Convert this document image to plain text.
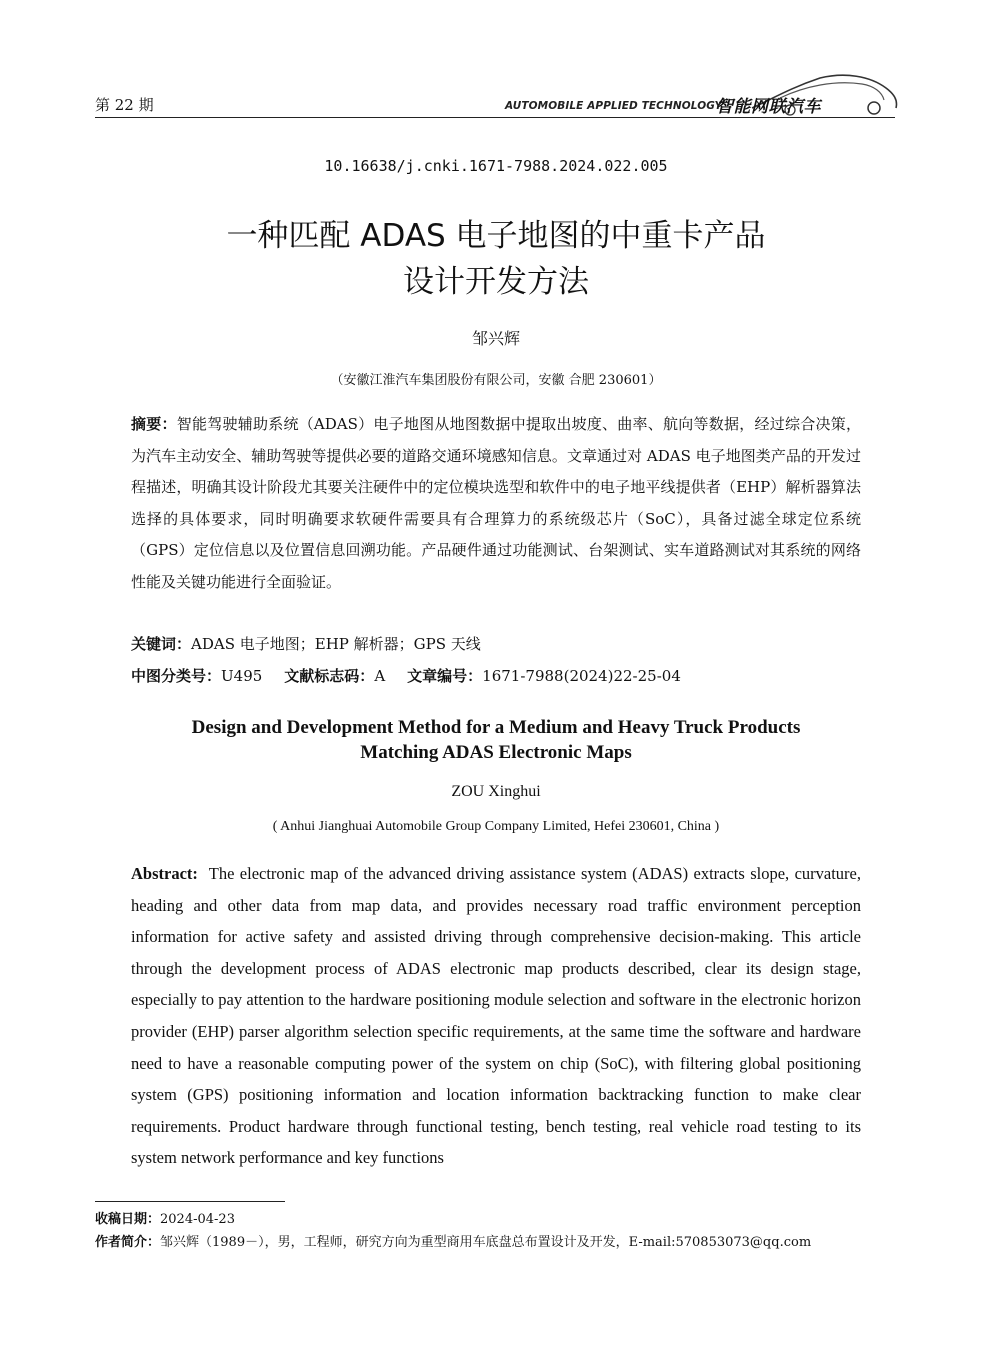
第 22 期	AUTOMOBILE APPLIED TECHNOLOGY
智能网联汽车
10.16638/j.cnki.1671-7988.2024.022.005
一种匹配 ADAS 电子地图的中重卡产品
设计开发方法
邹兴辉
（安徽江淮汽车集团股份有限公司，安徽 合肥 230601）
摘要：智能驾驶辅助系统（ADAS）电子地图从地图数据中提取出坡度、曲率、航向等数据，经过综合决策，为汽车主动安全、辅助驾驶等提供必要的道路交通环境感知信息。文章通过对 ADAS 电子地图类产品的开发过程描述，明确其设计阶段尤其要关注硬件中的定位模块选型和软件中的电子地平线提供者（EHP）解析器算法选择的具体要求，同时明确要求软硬件需要具有合理算力的系统级芯片（SoC），具备过滤全球定位系统（GPS）定位信息以及位置信息回溯功能。产品硬件通过功能测试、台架测试、实车道路测试对其系统的网络性能及关键功能进行全面验证。
关键词：ADAS 电子地图；EHP 解析器；GPS 天线
中图分类号：U495 文献标志码：A 文章编号：1671-7988(2024)22-25-04
Design and Development Method for a Medium and Heavy Truck Products
Matching ADAS Electronic Maps
ZOU Xinghui
( Anhui Jianghuai Automobile Group Company Limited, Hefei 230601, China )
Abstract: The electronic map of the advanced driving assistance system (ADAS) extracts slope, curvature, heading and other data from map data, and provides necessary road traffic environment perception information for active safety and assisted driving through comprehensive decision-making. This article through the development process of ADAS electronic map products described, clear its design stage, especially to pay attention to the hardware positioning module selection and software in the electronic horizon provider (EHP) parser algorithm selection specific requirements, at the same time the software and hardware need to have a reasonable computing power of the system on chip (SoC), with filtering global positioning system (GPS) positioning information and location information backtracking function to make clear requirements. Product hardware through functional testing, bench testing, real vehicle road testing to its system network performance and key functions
收稿日期：2024-04-23
作者简介：邹兴辉（1989－），男，工程师，研究方向为重型商用车底盘总布置设计及开发，E-mail:570853073@qq.com
